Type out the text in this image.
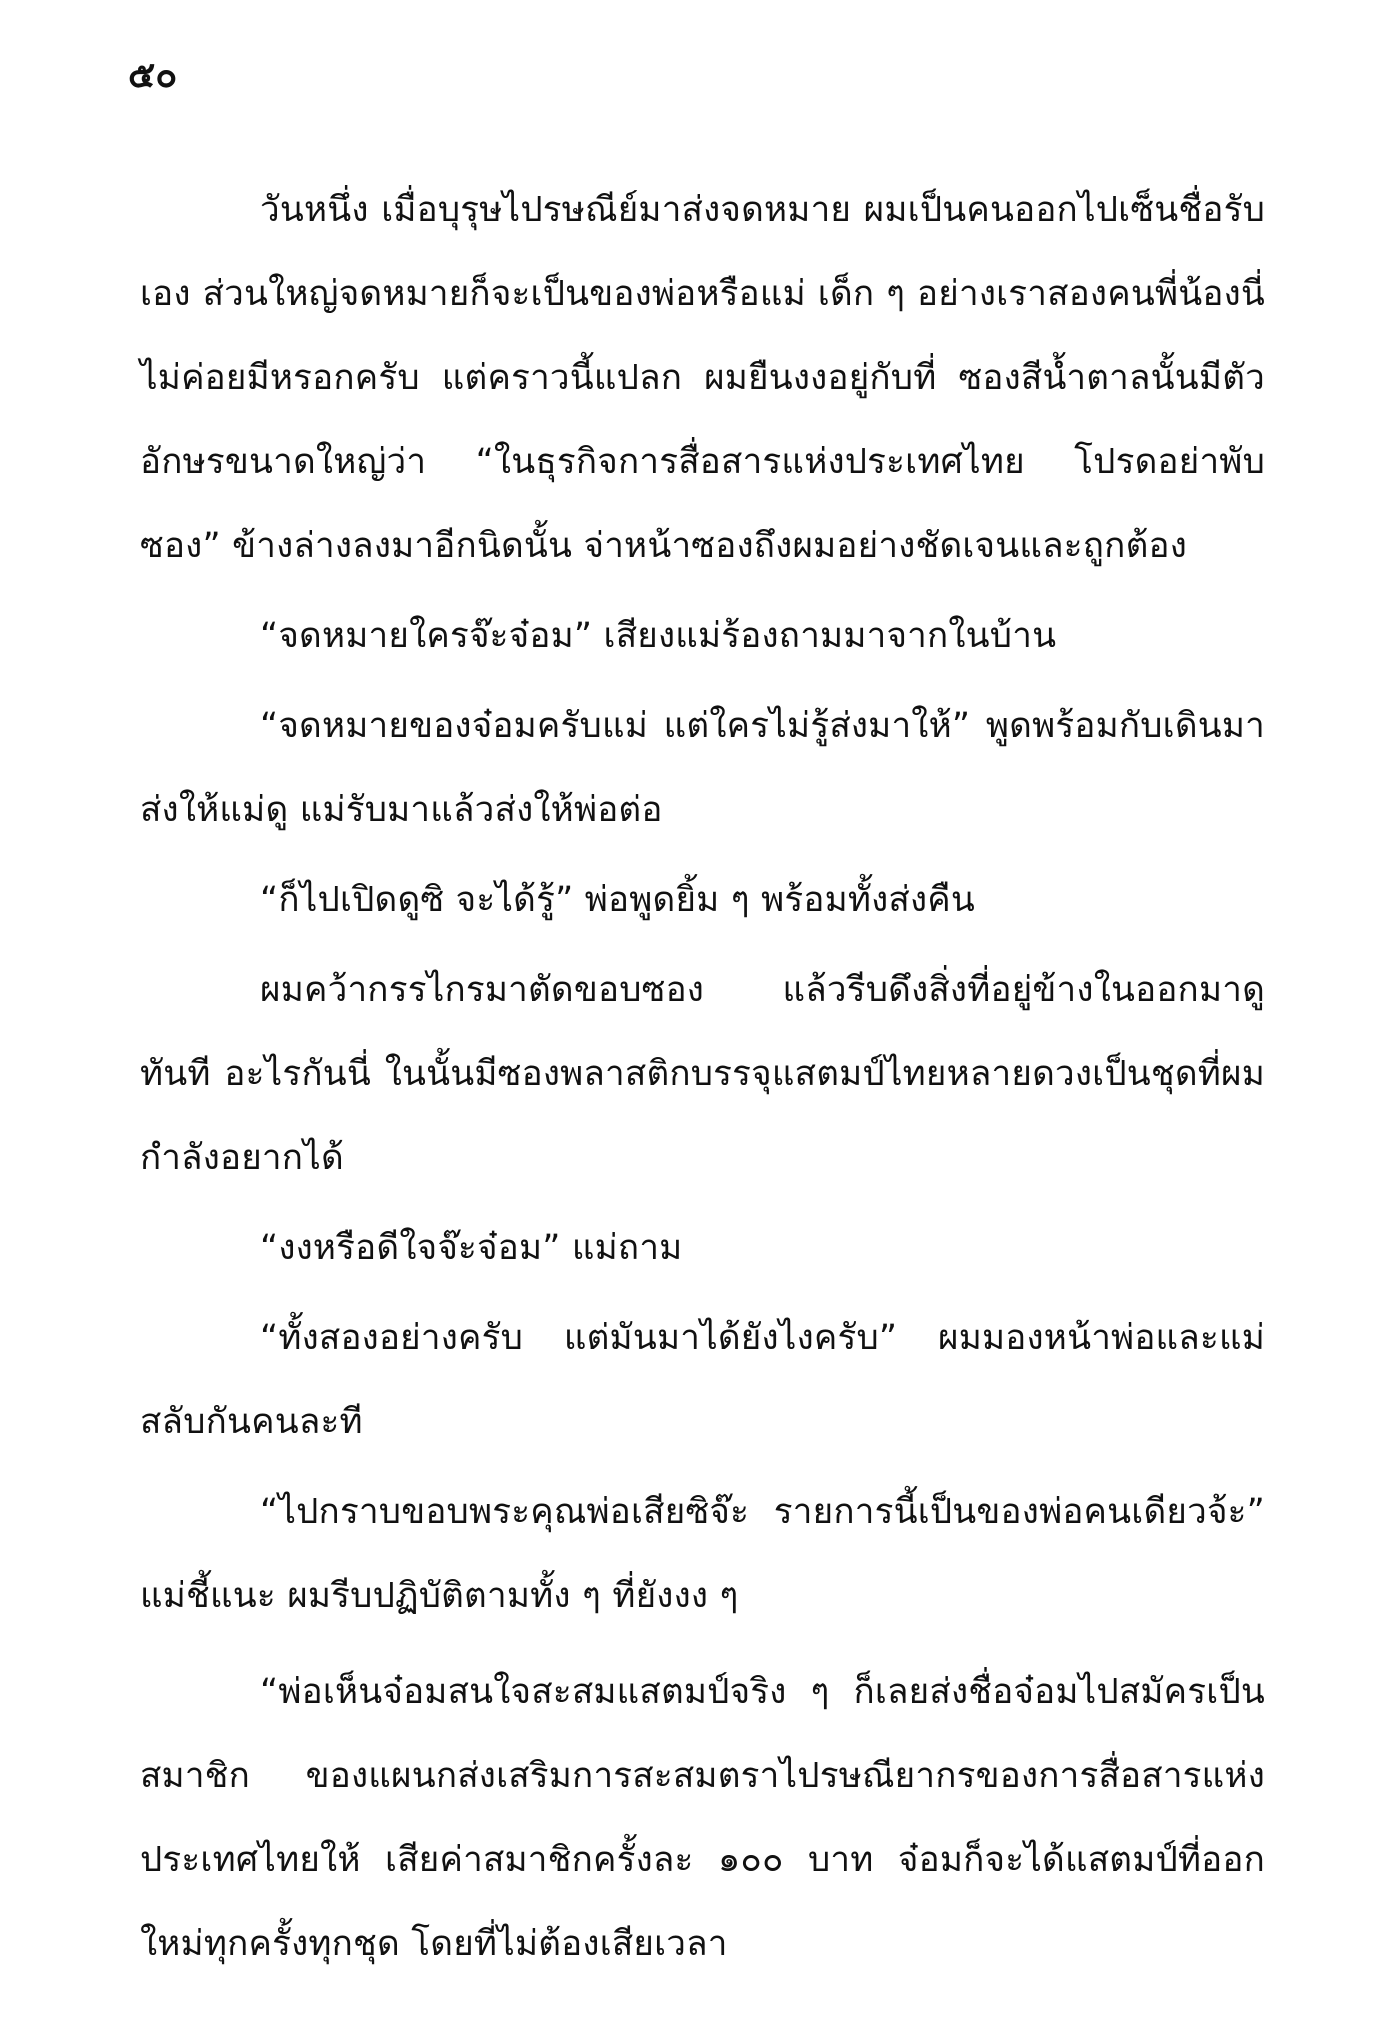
๕๐

วันหนึ่ง เมื่อบุรุษไปรษณีย์มาส่งจดหมาย ผมเป็นคนออกไปเซ็นชื่อรับเอง ส่วนใหญ่จดหมายก็จะเป็นของพ่อหรือแม่ เด็ก ๆ อย่างเราสองคนพี่น้องนี่ ไม่ค่อยมีหรอกครับ แต่คราวนี้แปลก ผมยืนงงอยู่กับที่ ซองสีน้ำตาลนั้นมีตัวอักษรขนาดใหญ่ว่า “ในธุรกิจการสื่อสารแห่งประเทศไทย โปรดอย่าพับซอง” ข้างล่างลงมาอีกนิดนั้น จ่าหน้าซองถึงผมอย่างชัดเจนและถูกต้อง

“จดหมายใครจ๊ะจ๋อม” เสียงแม่ร้องถามมาจากในบ้าน

“จดหมายของจ๋อมครับแม่ แต่ใครไม่รู้ส่งมาให้” พูดพร้อมกับเดินมาส่งให้แม่ดู แม่รับมาแล้วส่งให้พ่อต่อ

“ก็ไปเปิดดูซิ จะได้รู้” พ่อพูดยิ้ม ๆ พร้อมทั้งส่งคืน

ผมคว้ากรรไกรมาตัดขอบซอง แล้วรีบดึงสิ่งที่อยู่ข้างในออกมาดูทันที อะไรกันนี่ ในนั้นมีซองพลาสติกบรรจุแสตมป์ไทยหลายดวงเป็นชุดที่ผมกำลังอยากได้

“งงหรือดีใจจ๊ะจ๋อม” แม่ถาม

“ทั้งสองอย่างครับ แต่มันมาได้ยังไงครับ” ผมมองหน้าพ่อและแม่สลับกันคนละที

“ไปกราบขอบพระคุณพ่อเสียซิจ๊ะ รายการนี้เป็นของพ่อคนเดียวจ้ะ” แม่ชี้แนะ ผมรีบปฏิบัติตามทั้ง ๆ ที่ยังงง ๆ

“พ่อเห็นจ๋อมสนใจสะสมแสตมป์จริง ๆ ก็เลยส่งชื่อจ๋อมไปสมัครเป็นสมาชิก ของแผนกส่งเสริมการสะสมตราไปรษณียากรของการสื่อสารแห่งประเทศไทยให้ เสียค่าสมาชิกครั้งละ ๑๐๐ บาท จ๋อมก็จะได้แสตมป์ที่ออกใหม่ทุกครั้งทุกชุด โดยที่ไม่ต้องเสียเวลา
